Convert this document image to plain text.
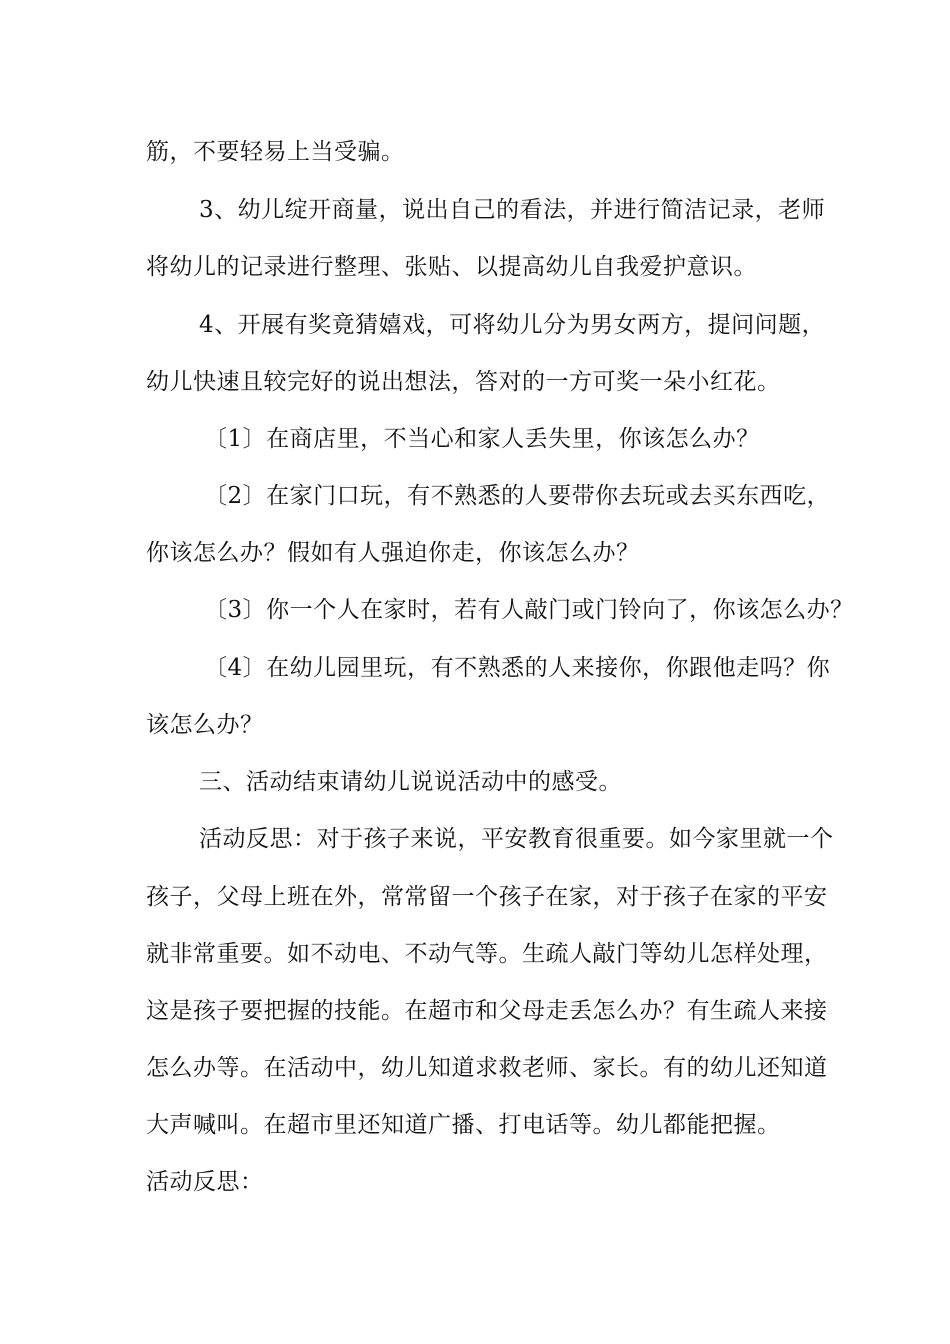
筋，不要轻易上当受骗。
3、幼儿绽开商量，说出自己的看法，并进行简洁记录，老师
将幼儿的记录进行整理、张贴、以提高幼儿自我爱护意识。
4、开展有奖竟猜嬉戏，可将幼儿分为男女两方，提问问题，
幼儿快速且较完好的说出想法，答对的一方可奖一朵小红花。
〔1〕在商店里，不当心和家人丢失里，你该怎么办？
〔2〕在家门口玩，有不熟悉的人要带你去玩或去买东西吃，
你该怎么办？假如有人强迫你走，你该怎么办？
〔3〕你一个人在家时，若有人敲门或门铃向了，你该怎么办？
〔4〕在幼儿园里玩，有不熟悉的人来接你，你跟他走吗？你
该怎么办？
三、活动结束请幼儿说说活动中的感受。
活动反思：对于孩子来说，平安教育很重要。如今家里就一个
孩子，父母上班在外，常常留一个孩子在家，对于孩子在家的平安
就非常重要。如不动电、不动气等。生疏人敲门等幼儿怎样处理，
这是孩子要把握的技能。在超市和父母走丢怎么办？有生疏人来接
怎么办等。在活动中，幼儿知道求救老师、家长。有的幼儿还知道
大声喊叫。在超市里还知道广播、打电话等。幼儿都能把握。
活动反思：
